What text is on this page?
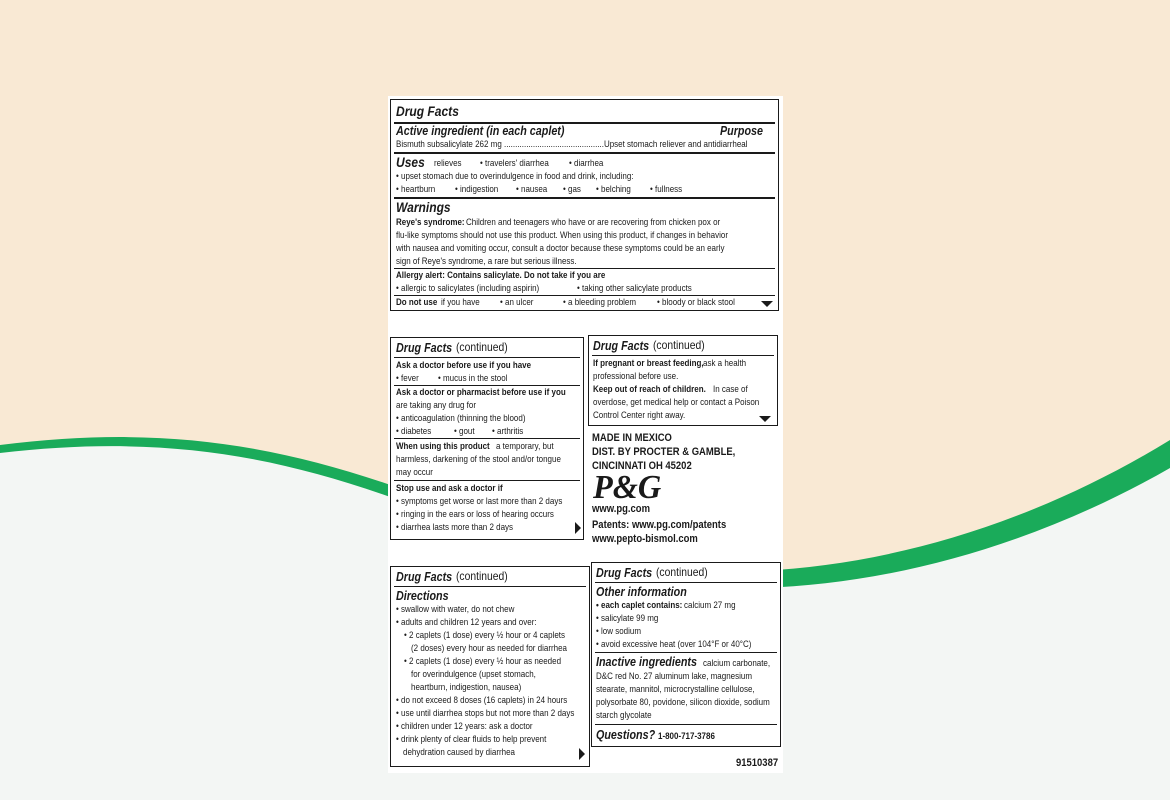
Drug Facts
Active ingredient (in each caplet)	Purpose
Bismuth subsalicylate 262 mg .............................................Upset stomach reliever and antidiarrheal
Uses relieves • travelers' diarrhea • diarrhea
• upset stomach due to overindulgence in food and drink, including:
• heartburn • indigestion • nausea • gas • belching • fullness
Warnings
Reye's syndrome: Children and teenagers who have or are recovering from chicken pox or
flu-like symptoms should not use this product. When using this product, if changes in behavior
with nausea and vomiting occur, consult a doctor because these symptoms could be an early
sign of Reye's syndrome, a rare but serious illness.
Allergy alert: Contains salicylate. Do not take if you are
• allergic to salicylates (including aspirin)	• taking other salicylate products
Do not use if you have • an ulcer	• a bleeding problem • bloody or black stool
Drug Facts (continued)
Ask a doctor before use if you have
• fever • mucus in the stool
Ask a doctor or pharmacist before use if you
are taking any drug for
• anticoagulation (thinning the blood)
• diabetes • gout • arthritis
When using this product a temporary, but
harmless, darkening of the stool and/or tongue
may occur
Stop use and ask a doctor if
• symptoms get worse or last more than 2 days
• ringing in the ears or loss of hearing occurs
• diarrhea lasts more than 2 days
Drug Facts (continued)
If pregnant or breast feeding, ask a health
professional before use.
Keep out of reach of children. In case of
overdose, get medical help or contact a Poison
Control Center right away.
MADE IN MEXICO
DIST. BY PROCTER & GAMBLE,
CINCINNATI OH 45202
P&G
www.pg.com
Patents: www.pg.com/patents
www.pepto-bismol.com
Drug Facts (continued)
Directions
• swallow with water, do not chew
• adults and children 12 years and over:
• 2 caplets (1 dose) every ½ hour or 4 caplets
(2 doses) every hour as needed for diarrhea
• 2 caplets (1 dose) every ½ hour as needed
for overindulgence (upset stomach,
heartburn, indigestion, nausea)
• do not exceed 8 doses (16 caplets) in 24 hours
• use until diarrhea stops but not more than 2 days
• children under 12 years: ask a doctor
• drink plenty of clear fluids to help prevent
dehydration caused by diarrhea
Drug Facts (continued)
Other information
• each caplet contains: calcium 27 mg
• salicylate 99 mg
• low sodium
• avoid excessive heat (over 104°F or 40°C)
Inactive ingredients calcium carbonate,
D&C red No. 27 aluminum lake, magnesium
stearate, mannitol, microcrystalline cellulose,
polysorbate 80, povidone, silicon dioxide, sodium
starch glycolate
Questions? 1-800-717-3786
91510387
